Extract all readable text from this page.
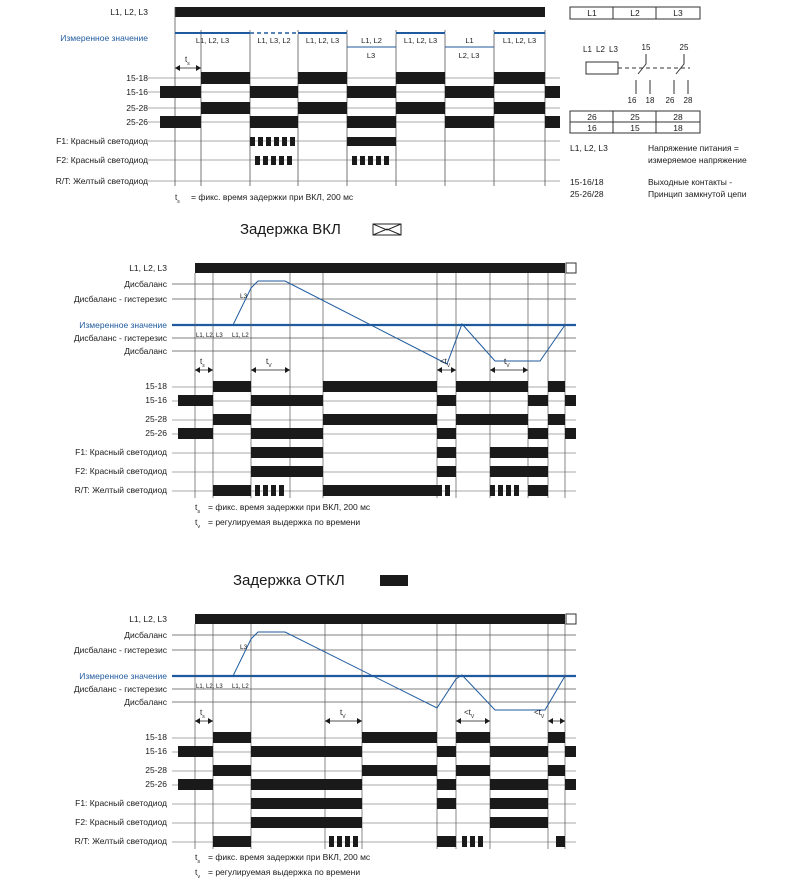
L1, L2, L3
Измеренное значение
15-18
15-16
25-28
25-26
F1: Красный светодиод
F2: Красный светодиод
R/T: Желтый светодиод
L1, L2, L3	L1, L3, L2 L1, L2, L3	L1, L2	L1, L2, L3	L1	L1, L2, L3
L3	L2, L3
$t_s$
$t_s$ = фикс. время задержки при ВКЛ, 200 мс
L1	L2	L3
L1 L2 L3	15	25
16 18 26 28
26	25	28
16	15	18
L1, L2, L3	Напряжение питания =
измеряемое напряжение
15-16/18	Выходные контакты -
25-26/28	Принцип замкнутой цепи
Задержка ВКЛ
L1, L2, L3
Дисбаланс
Дисбаланс - гистерезис
Измеренное значение
Дисбаланс - гистерезис
Дисбаланс
15-18
15-16
25-28
25-26
F1: Красный светодиод
F2: Красный светодиод
R/T: Желтый светодиод
L3
L1, L2, L3 L1, L2
$t_s$	$t_V$	$<t_V$	$t_V$
Задержка ОТКЛ
L1, L2, L3
Дисбаланс
Дисбаланс - гистерезис
Измеренное значение
Дисбаланс - гистерезис
Дисбаланс
15-18
15-16
25-28
25-26
F1: Красный светодиод
F2: Красный светодиод
R/T: Желтый светодиод
L3
L1, L2, L3 L1, L2
$t_s$	$t_V$	$<t_V$	$<t_V$
$t_s$ = фикс. время задержки при ВКЛ, 200 мс
$t_v$ = регулируемая выдержка по времени
$t_s$ = фикс. время задержки при ВКЛ, 200 мс
$t_v$ = регулируемая выдержка по времени
